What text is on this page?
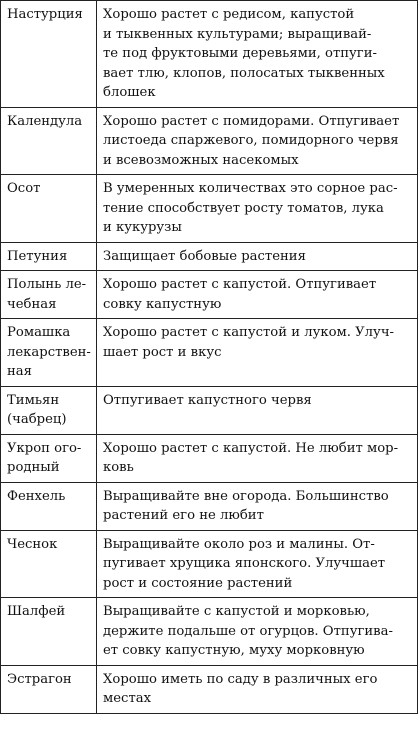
Настурция	Хорошо растет с редисом, капустой
и тыквенных культурами; выращивай-
те под фруктовыми деревьями, отпуги-
вает тлю, клопов, полосатых тыквенных
блошек

Календула	Хорошо растет с помидорами. Отпугивает
листоеда спаржевого, помидорного червя
и всевозможных насекомых

Осот	В умеренных количествах это сорное рас-
тение способствует росту томатов, лука
и кукурузы

Петуния	Защищает бобовые растения

Полынь ле-
чебная	Хорошо растет с капустой. Отпугивает
совку капустную

Ромашка
лекарствен-
ная	Хорошо растет с капустой и луком. Улуч-
шает рост и вкус

Тимьян
(чабрец)	Отпугивает капустного червя

Укроп ого-
родный	Хорошо растет с капустой. Не любит мор-
ковь

Фенхель	Выращивайте вне огорода. Большинство
растений его не любит

Чеснок	Выращивайте около роз и малины. От-
пугивает хрущика японского. Улучшает
рост и состояние растений

Шалфей	Выращивайте с капустой и морковью,
держите подальше от огурцов. Отпугива-
ет совку капустную, муху морковную

Эстрагон	Хорошо иметь по саду в различных его
местах
